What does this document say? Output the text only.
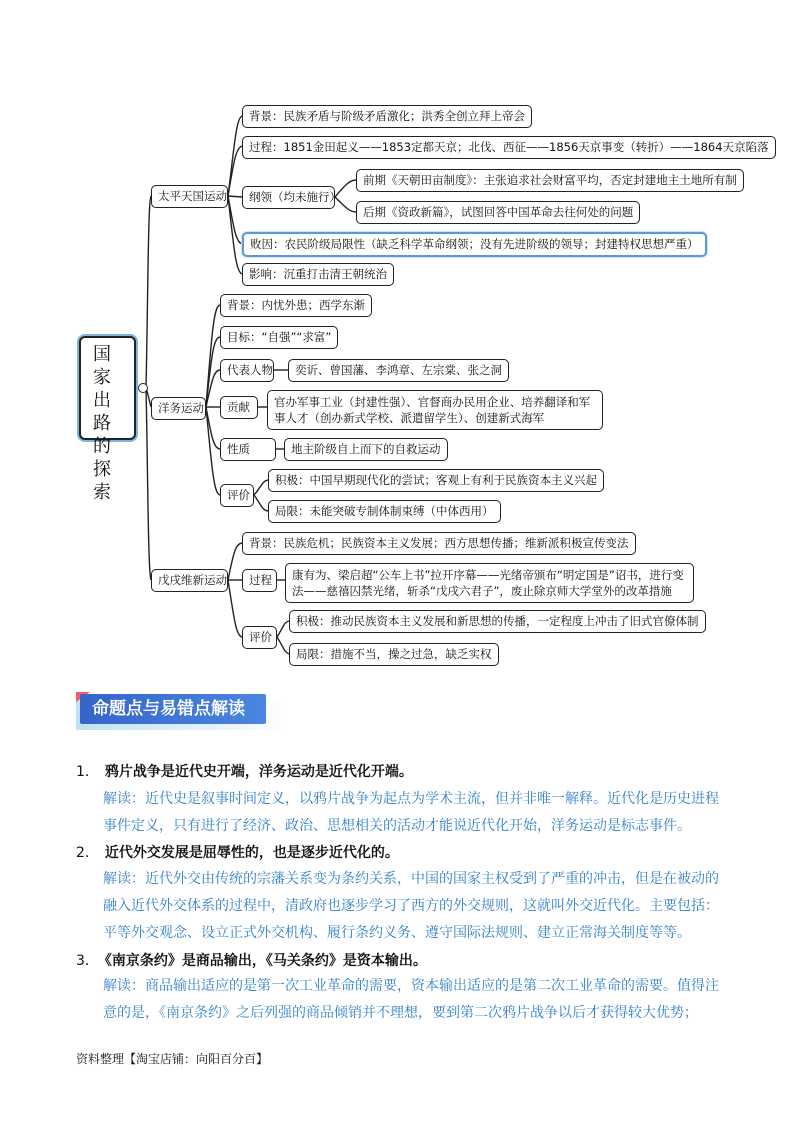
国家出路的探索
太平天国运动
背景：民族矛盾与阶级矛盾激化；洪秀全创立拜上帝会
过程：1851金田起义——1853定都天京；北伐、西征——1856天京事变（转折）——1864天京陷落
纲领（均未施行）
前期《天朝田亩制度》：主张追求社会财富平均，否定封建地主土地所有制
后期《资政新篇》，试图回答中国革命去往何处的问题
败因：农民阶级局限性（缺乏科学革命纲领；没有先进阶级的领导；封建特权思想严重）
影响：沉重打击清王朝统治
洋务运动
背景：内忧外患；西学东渐
目标：“自强”“求富”
代表人物	奕䜣、曾国藩、李鸿章、左宗棠、张之洞
贡献	官办军事工业（封建性强）、官督商办民用企业、培养翻译和军事人才（创办新式学校、派遣留学生）、创建新式海军
性质	地主阶级自上而下的自救运动
评价
积极：中国早期现代化的尝试；客观上有利于民族资本主义兴起
局限：未能突破专制体制束缚（中体西用）
戊戌维新运动
背景：民族危机；民族资本主义发展；西方思想传播；维新派积极宣传变法
过程	康有为、梁启超“公车上书”拉开序幕——光绪帝颁布“明定国是”诏书，进行变法——慈禧囚禁光绪，斩杀“戊戌六君子”，废止除京师大学堂外的改革措施
评价
积极：推动民族资本主义发展和新思想的传播，一定程度上冲击了旧式官僚体制
局限：措施不当，操之过急，缺乏实权
命题点与易错点解读
1． 鸦片战争是近代史开端，洋务运动是近代化开端。
解读：近代史是叙事时间定义，以鸦片战争为起点为学术主流，但并非唯一解释。近代化是历史进程
事件定义，只有进行了经济、政治、思想相关的活动才能说近代化开始，洋务运动是标志事件。
2． 近代外交发展是屈辱性的，也是逐步近代化的。
解读：近代外交由传统的宗藩关系变为条约关系，中国的国家主权受到了严重的冲击，但是在被动的
融入近代外交体系的过程中，清政府也逐步学习了西方的外交规则，这就叫外交近代化。主要包括：
平等外交观念、设立正式外交机构、履行条约义务、遵守国际法规则、建立正常海关制度等等。
3． 《南京条约》是商品输出，《马关条约》是资本输出。
解读：商品输出适应的是第一次工业革命的需要，资本输出适应的是第二次工业革命的需要。值得注
意的是，《南京条约》之后列强的商品倾销并不理想，要到第二次鸦片战争以后才获得较大优势；
资料整理【淘宝店铺：向阳百分百】
